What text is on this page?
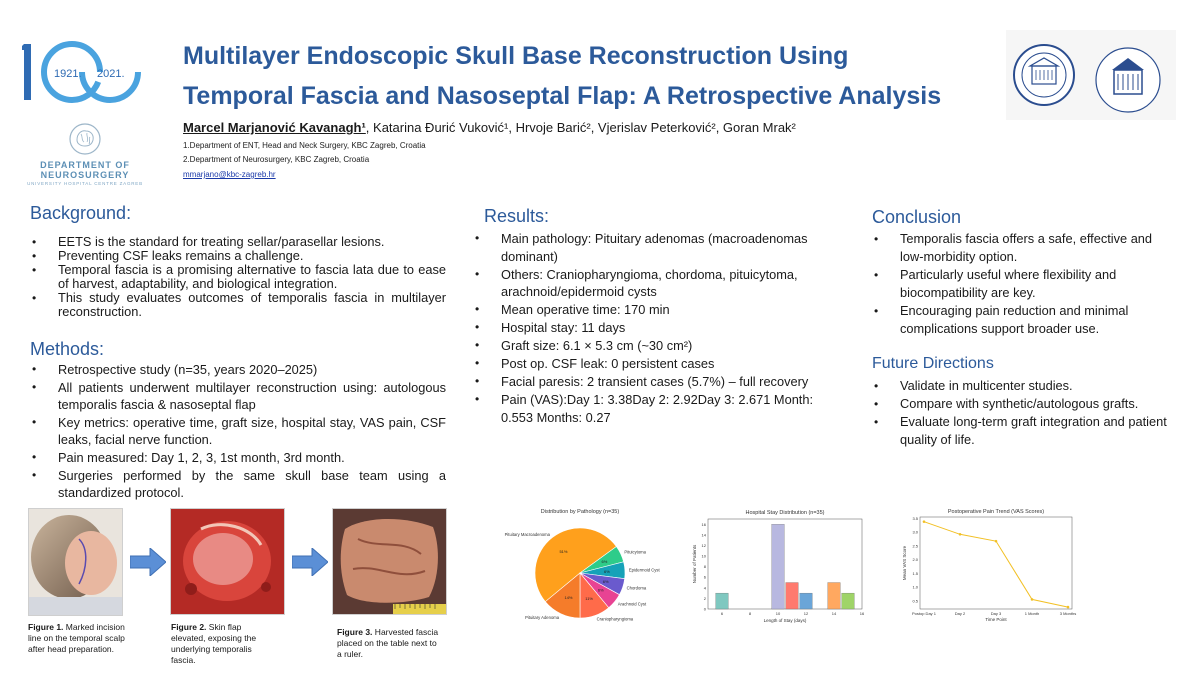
1921. 2021.
DEPARTMENT OF NEUROSURGERY
UNIVERSITY HOSPITAL CENTRE ZAGREB
Multilayer Endoscopic Skull Base Reconstruction Using
Temporal Fascia and Nasoseptal Flap: A Retrospective Analysis
Marcel Marjanović Kavanagh¹, Katarina Đurić Vuković¹, Hrvoje Barić², Vjerislav Peterković², Goran Mrak²
1.Department of ENT, Head and Neck Surgery, KBC Zagreb, Croatia
2.Department of Neurosurgery, KBC Zagreb, Croatia
mmarjano@kbc-zagreb.hr
Background:
• EETS is the standard for treating sellar/parasellar lesions.
• Preventing CSF leaks remains a challenge.
• Temporal fascia is a promising alternative to fascia lata due to ease of harvest, adaptability, and biological integration.
• This study evaluates outcomes of temporalis fascia in multilayer reconstruction.
Methods:
• Retrospective study (n=35, years 2020–2025)
• All patients underwent multilayer reconstruction using: autologous temporalis fascia & nasoseptal flap
• Key metrics: operative time, graft size, hospital stay, VAS pain, CSF leaks, facial nerve function.
• Pain measured: Day 1, 2, 3, 1st month, 3rd month.
• Surgeries performed by the same skull base team using a standardized protocol.
Figure 1. Marked incision line on the temporal scalp after head preparation.
Figure 2. Skin flap elevated, exposing the underlying temporalis fascia.
Figure 3. Harvested fascia placed on the table next to a ruler.
Results:
• Main pathology: Pituitary adenomas (macroadenomas dominant)
• Others: Craniopharyngioma, chordoma, pituicytoma, arachnoid/epidermoid cysts
• Mean operative time: 170 min
• Hospital stay: 11 days
• Graft size: 6.1 × 5.3 cm (~30 cm²)
• Post op. CSF leak: 0 persistent cases
• Facial paresis: 2 transient cases (5.7%) – full recovery
• Pain (VAS):Day 1: 3.38Day 2: 2.92Day 3: 2.671 Month: 0.553 Months: 0.27
Conclusion
• Temporalis fascia offers a safe, effective and low-morbidity option.
• Particularly useful where flexibility and biocompatibility are key.
• Encouraging pain reduction and minimal complications support broader use.
Future Directions
• Validate in multicenter studies.
• Compare with synthetic/autologous grafts.
• Evaluate long-term graft integration and patient quality of life.
Distribution by Pathology (n=35)
51%
Pituitary Macroadenoma
6%
Pituicytoma
6%	Epidermoid Cyst
6%
Chordoma
6%
Arachnoid Cyst
11%
Craniopharyngioma
14%
Pituitary Adenoma
Hospital Stay Distribution (n=35)
0
2
4
6
8
10
12
14
16
6	8	10	12	14	16
Length of Stay (days)
Number of Patients
Postoperative Pain Trend (VAS Scores)
0.5
1.0
1.5
2.0
2.5
3.0
3.5
Postop Day 1	Day 2	Day 3	1 Month	3 Months
Time Point
Mean VAS Score
